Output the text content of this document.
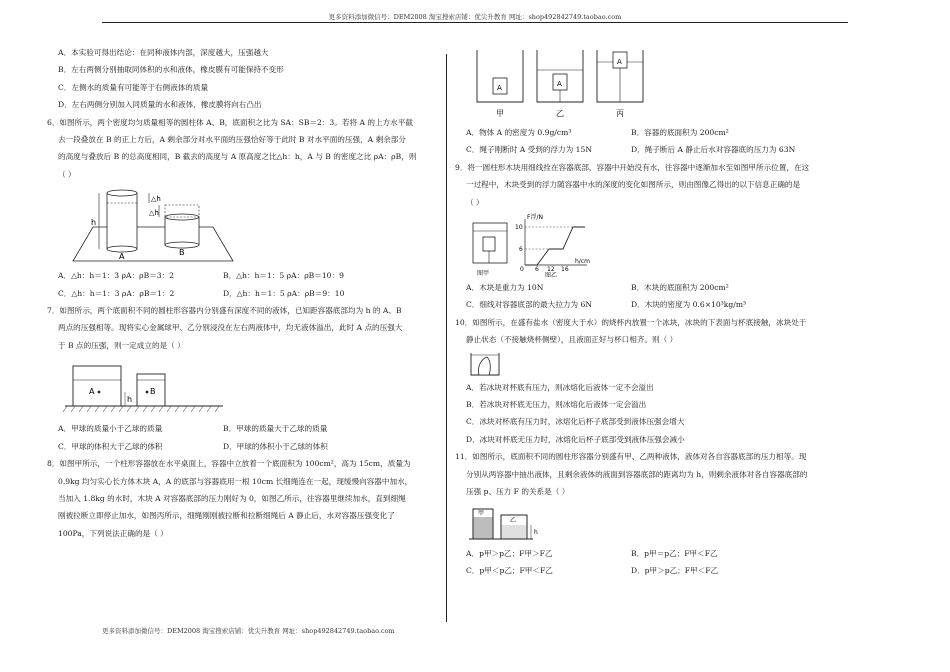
更多资料添加微信号：DEM2008 淘宝搜索店铺：优尖升教育 网址：shop492842749.taobao.com
更多资料添加微信号：DEM2008 淘宝搜索店铺：优尖升教育 网址：shop492842749.taobao.com

A．本实验可得出结论：在同种液体内部，深度越大，压强越大

B．左右两侧分别抽取同体积的水和液体，橡皮膜有可能保持不变形

C．左侧水的质量有可能等于右侧液体的质量

D．左右两侧分别加入同质量的水和液体，橡皮膜将向右凸出

6．如图所示，两个密度均匀质量相等的圆柱体 A、B，底面积之比为 SA：SB＝2：3。若将 A 的上方水平截

去一段叠放在 B 的正上方后，A 剩余部分对水平面的压强恰好等于此时 B 对水平面的压强，A 剩余部分

的高度与叠放后 B 的总高度相同，B 截去的高度与 A 原高度之比△h：h，A 与 B 的密度之比 ρA：ρB，则

（ ）

h
△h
△h
A	B
A．△h：h＝1：3 ρA：ρB＝3：2	B．△h：h＝1：5 ρA：ρB＝10：9
C．△h：h＝1：3 ρA：ρB＝1：2	D．△h：h＝1：5 ρA：ρB＝9：10

7．如图所示，两个底面积不同的圆柱形容器内分别盛有深度不同的液体，已知距容器底部均为 h 的 A、B

两点的压强相等。现将实心金属球甲、乙分别浸没在左右两液体中，均无液体溢出，此时 A 点的压强大

于 B 点的压强，则一定成立的是（ ）

A	B
h
A．甲球的质量小于乙球的质量	B．甲球的质量大于乙球的质量
C．甲球的体积大于乙球的体积	D．甲球的体积小于乙球的体积

8．如图甲所示，一个柱形容器放在水平桌面上，容器中立放着一个底面积为 100cm²，高为 15cm，质量为

0.9kg 均匀实心长方体木块 A，A 的底部与容器底用一根 10cm 长细绳连在一起，现缓慢向容器中加水，

当加入 1.8kg 的水时，木块 A 对容器底部的压力刚好为 0，如图乙所示，往容器里继续加水，直到细绳

刚被拉断立即停止加水，如图丙所示，细绳刚刚被拉断和拉断细绳后 A 静止后，水对容器压强变化了

100Pa，下列说法正确的是（ ）

A	A
A
甲	乙	丙
A．物体 A 的密度为 0.9g/cm³	B．容器的底面积为 200cm²
C．绳子刚断时 A 受到的浮力为 15N	D．绳子断后 A 静止后水对容器底的压力为 63N

9．将一圆柱形木块用细线拴在容器底部，容器中开始没有水，往容器中逐渐加水至如图甲所示位置，在这

一过程中，木块受到的浮力随容器中水的深度的变化如图所示，则由图像乙得出的以下信息正确的是

（ ）

F浮/N
10
6
0 6 12 16
h/cm
图甲	图乙
A．木块是重力为 10N	B．木块的底面积为 200cm²
C．细线对容器底部的最大拉力为 6N	D．木块的密度为 0.6×10³kg/m³

10．如图所示，在盛有盐水（密度大于水）的烧杯内放置一个冰块，冰块的下表面与杯底接触，冰块处于

静止状态（不接触烧杯侧壁），且液面正好与杯口相齐。则（ ）

A．若冰块对杯底有压力，则冰熔化后液体一定不会溢出

B．若冰块对杯底无压力，则冰熔化后液体一定会溢出

C．冰块对杯底有压力时，冰熔化后杯子底部受到液体压强会增大

D．冰块对杯底无压力时，冰熔化后杯子底部受到液体压强会减小

11．如图所示，底面积不同的圆柱形容器分别盛有甲、乙两种液体，液体对各自容器底部的压力相等。现

分别从两容器中抽出液体，且剩余液体的液面到容器底部的距离均为 h，则剩余液体对各自容器底部的

压强 p、压力 F 的关系是（ ）

甲
乙
h
A．p甲＞p乙；F甲＞F乙	B．p甲＝p乙；F甲＜F乙
C．p甲＜p乙；F甲＜F乙	D．p甲＞p乙；F甲＜F乙
